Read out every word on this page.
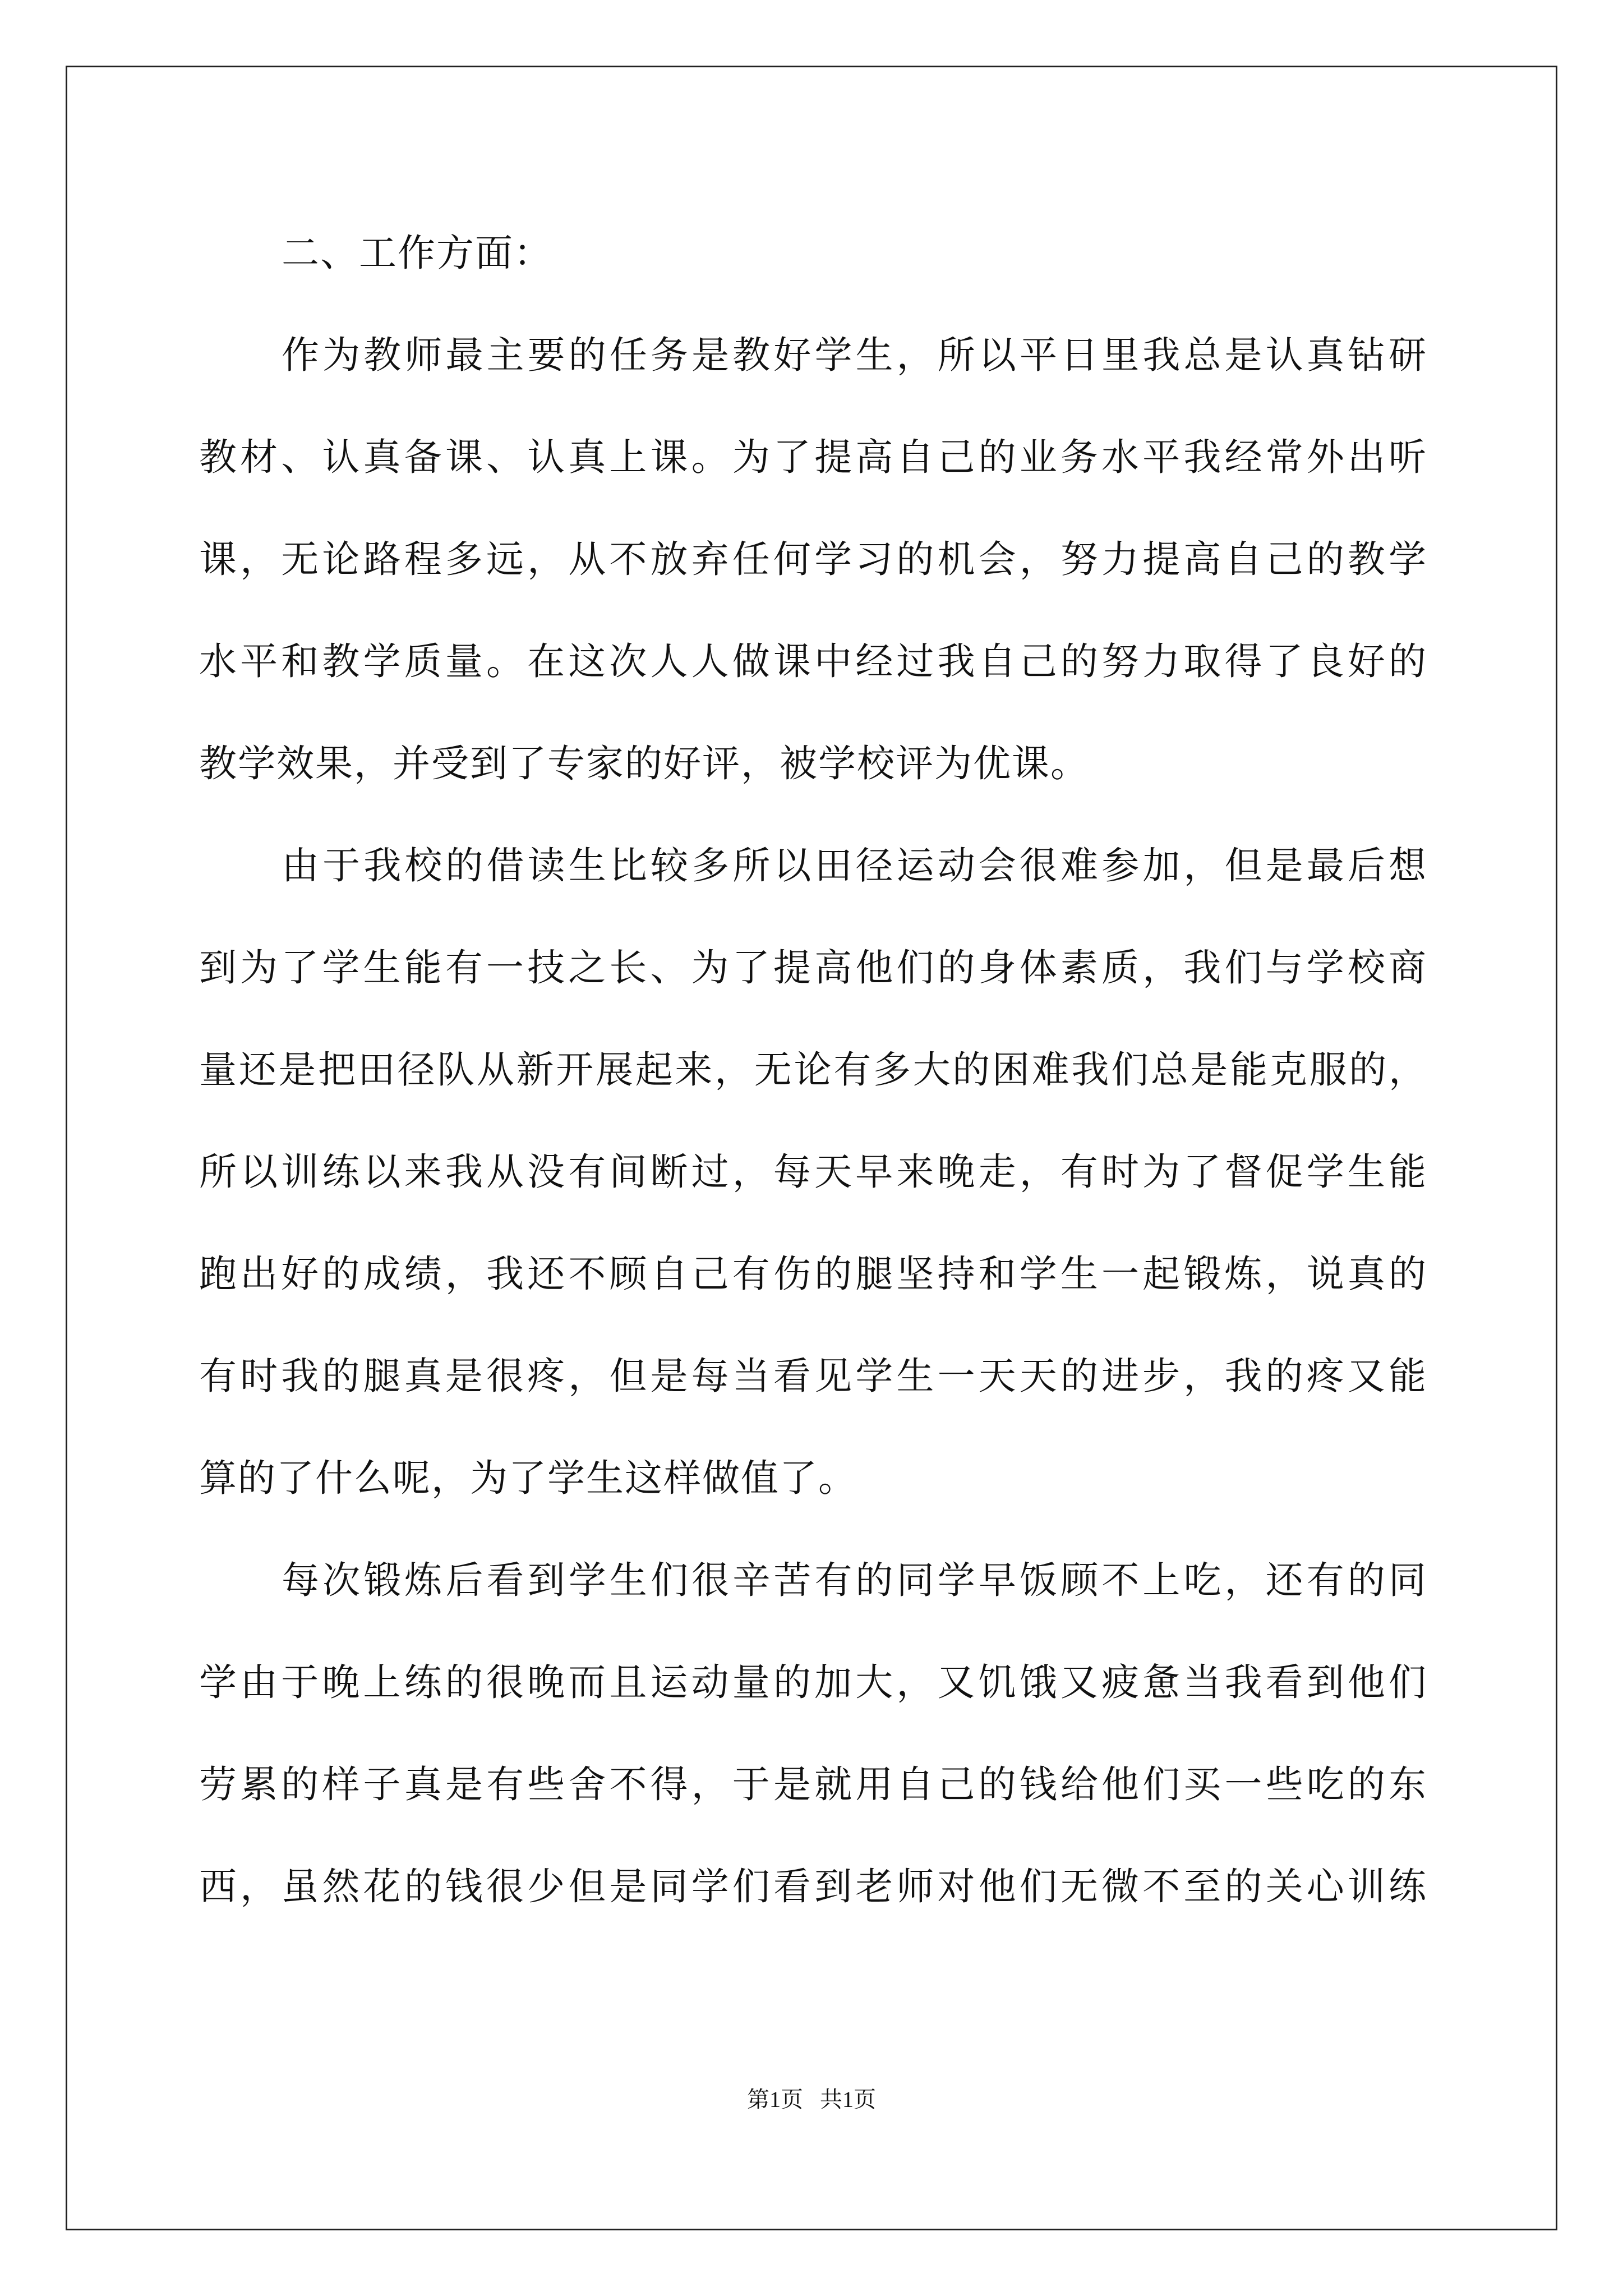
二、工作方面：
作为教师最主要的任务是教好学生，所以平日里我总是认真钻研
教材、认真备课、认真上课。为了提高自己的业务水平我经常外出听
课，无论路程多远，从不放弃任何学习的机会，努力提高自己的教学
水平和教学质量。在这次人人做课中经过我自己的努力取得了良好的
教学效果，并受到了专家的好评，被学校评为优课。
由于我校的借读生比较多所以田径运动会很难参加，但是最后想
到为了学生能有一技之长、为了提高他们的身体素质，我们与学校商
量还是把田径队从新开展起来，无论有多大的困难我们总是能克服的，
所以训练以来我从没有间断过，每天早来晚走，有时为了督促学生能
跑出好的成绩，我还不顾自己有伤的腿坚持和学生一起锻炼，说真的
有时我的腿真是很疼，但是每当看见学生一天天的进步，我的疼又能
算的了什么呢，为了学生这样做值了。
每次锻炼后看到学生们很辛苦有的同学早饭顾不上吃，还有的同
学由于晚上练的很晚而且运动量的加大，又饥饿又疲惫当我看到他们
劳累的样子真是有些舍不得，于是就用自己的钱给他们买一些吃的东
西，虽然花的钱很少但是同学们看到老师对他们无微不至的关心训练
第1页   共1页
